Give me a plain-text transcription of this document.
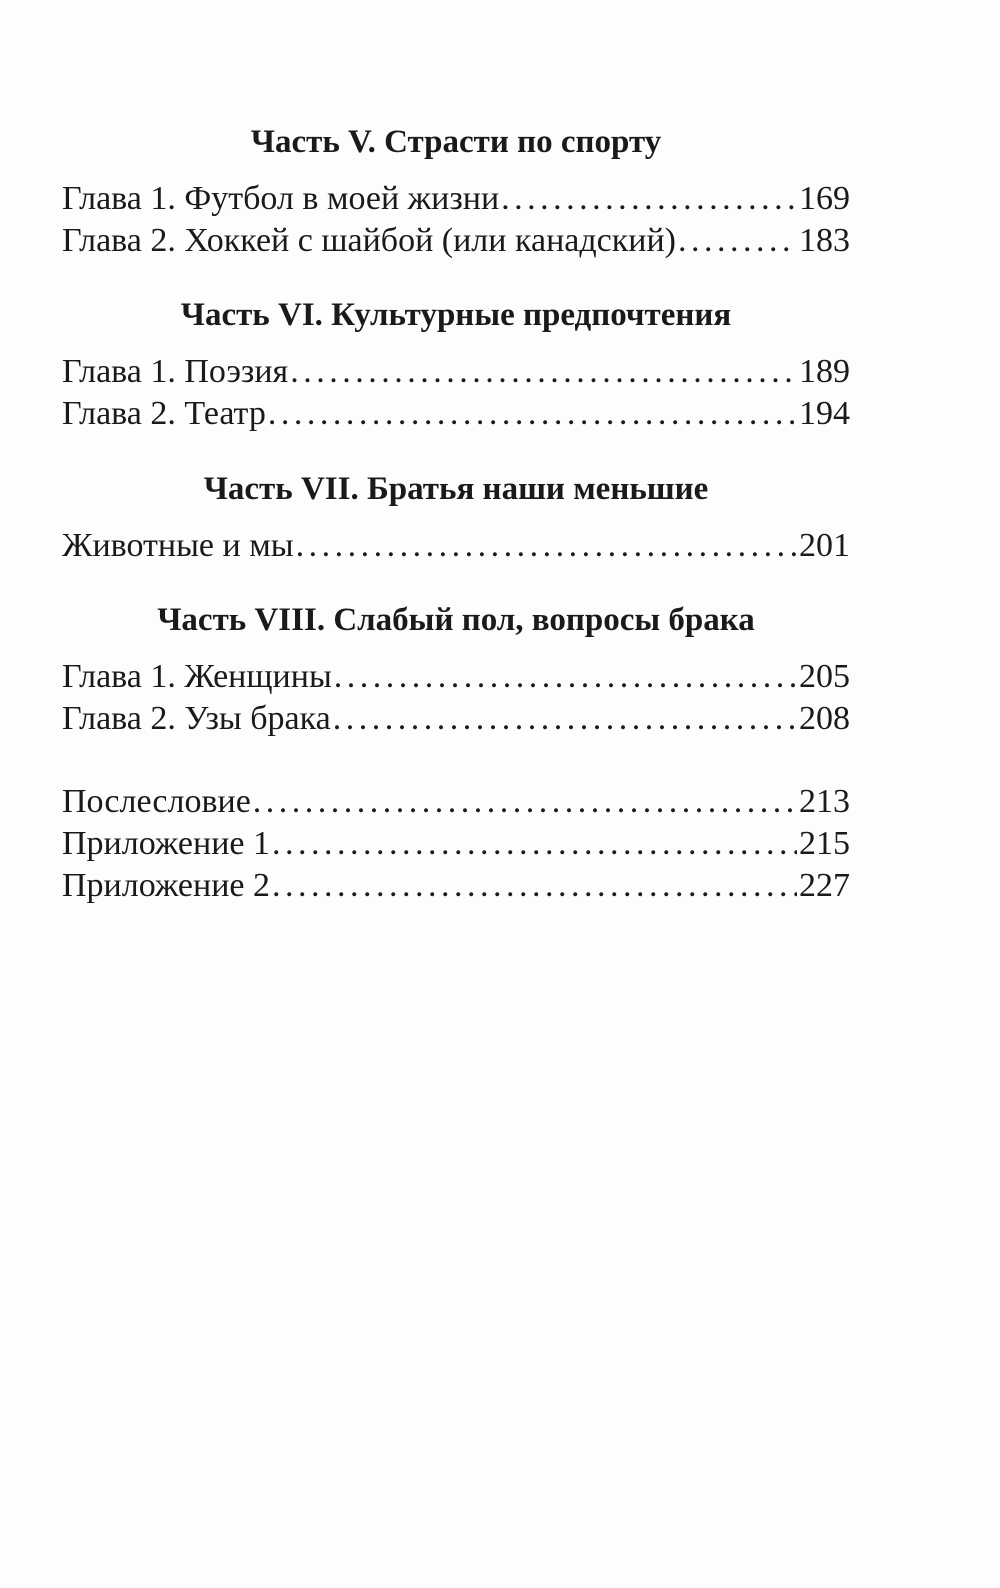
Часть V. Страсти по спорту
Глава 1. Футбол в моей жизни . . .	169
Глава 2. Хоккей с шайбой (или канадский) . . .	183
Часть VI. Культурные предпочтения
Глава 1. Поэзия . . .	189
Глава 2. Театр . . .	194
Часть VII. Братья наши меньшие
Животные и мы . . .	201
Часть VIII. Слабый пол, вопросы брака
Глава 1. Женщины . . .	205
Глава 2. Узы брака . . .	208
Послесловие . . .	213
Приложение 1 . . .	215
Приложение 2 . . .	227
